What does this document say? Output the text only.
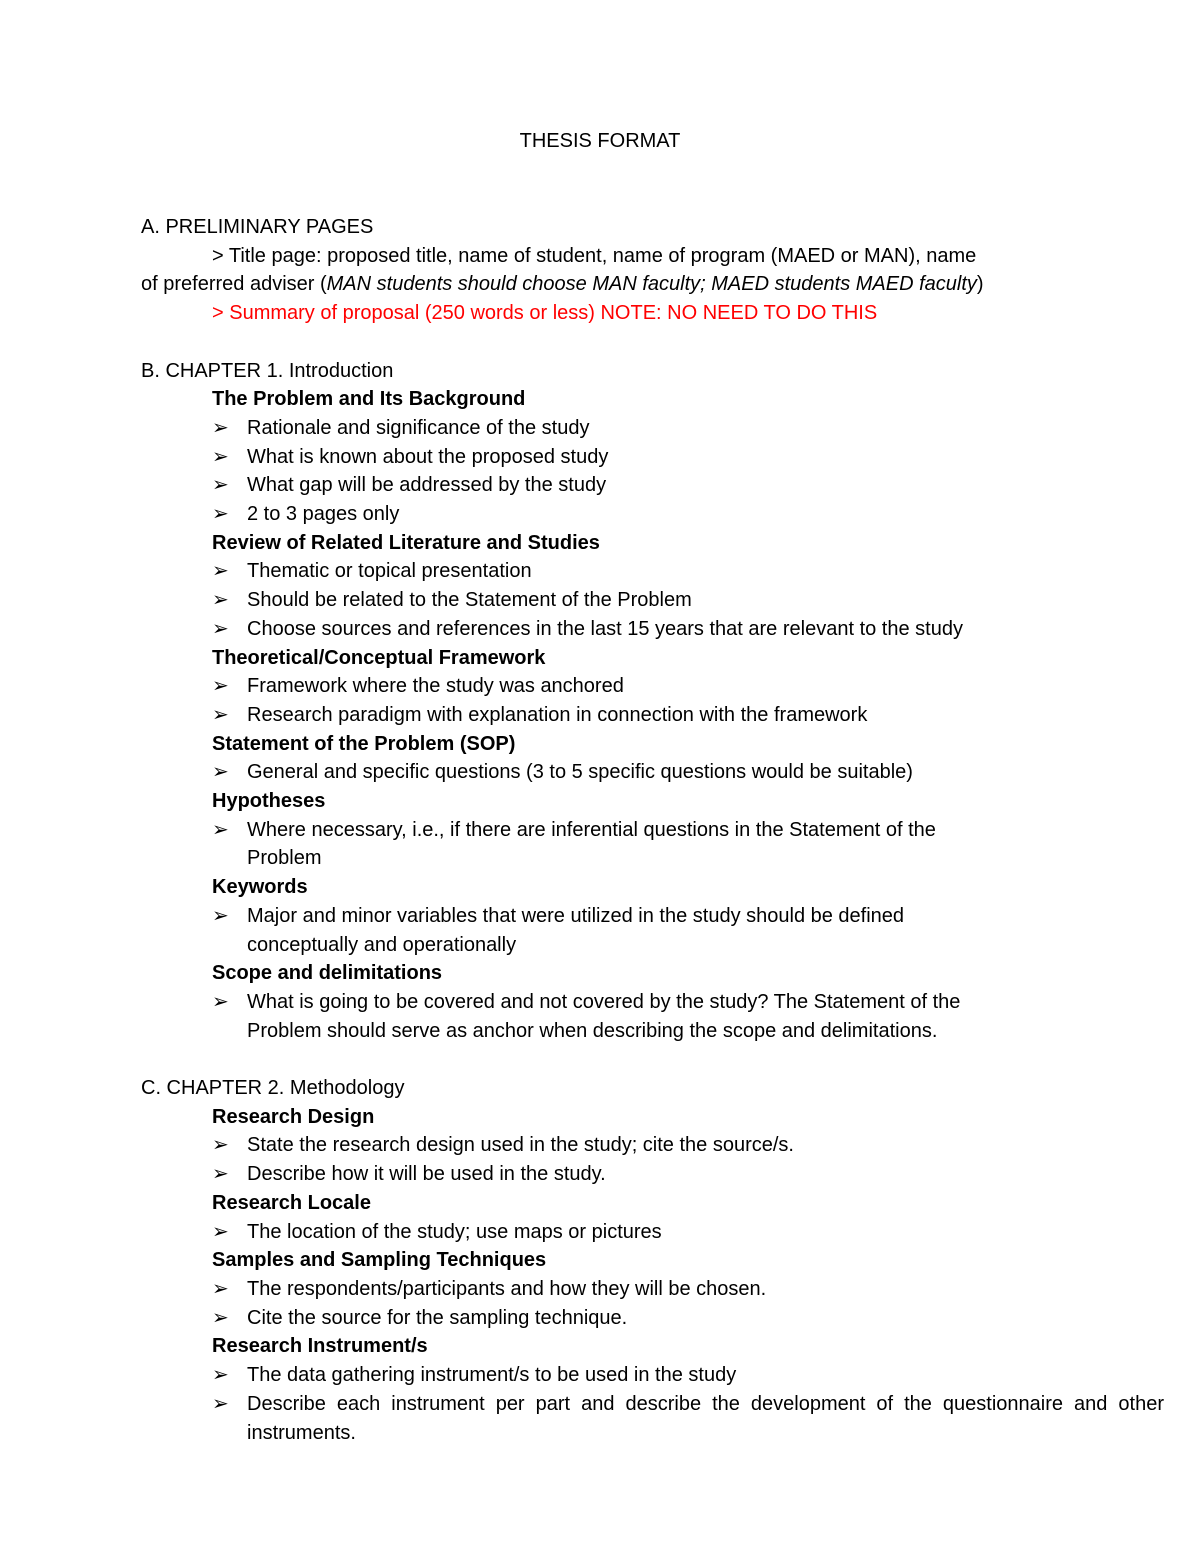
THESIS FORMAT
A. PRELIMINARY PAGES
> Title page: proposed title, name of student, name of program (MAED or MAN), name
of preferred adviser (MAN students should choose MAN faculty; MAED students MAED faculty)
> Summary of proposal (250 words or less) NOTE: NO NEED TO DO THIS
B. CHAPTER 1. Introduction
The Problem and Its Background
➢ Rationale and significance of the study
➢ What is known about the proposed study
➢ What gap will be addressed by the study
➢ 2 to 3 pages only
Review of Related Literature and Studies
➢ Thematic or topical presentation
➢ Should be related to the Statement of the Problem
➢ Choose sources and references in the last 15 years that are relevant to the study
Theoretical/Conceptual Framework
➢ Framework where the study was anchored
➢ Research paradigm with explanation in connection with the framework
Statement of the Problem (SOP)
➢ General and specific questions (3 to 5 specific questions would be suitable)
Hypotheses
➢ Where necessary, i.e., if there are inferential questions in the Statement of the Problem
Keywords
➢ Major and minor variables that were utilized in the study should be defined conceptually and operationally
Scope and delimitations
➢ What is going to be covered and not covered by the study? The Statement of the Problem should serve as anchor when describing the scope and delimitations.
C. CHAPTER 2. Methodology
Research Design
➢ State the research design used in the study; cite the source/s.
➢ Describe how it will be used in the study.
Research Locale
➢ The location of the study; use maps or pictures
Samples and Sampling Techniques
➢ The respondents/participants and how they will be chosen.
➢ Cite the source for the sampling technique.
Research Instrument/s
➢ The data gathering instrument/s to be used in the study
➢ Describe each instrument per part and describe the development of the questionnaire and other instruments.
